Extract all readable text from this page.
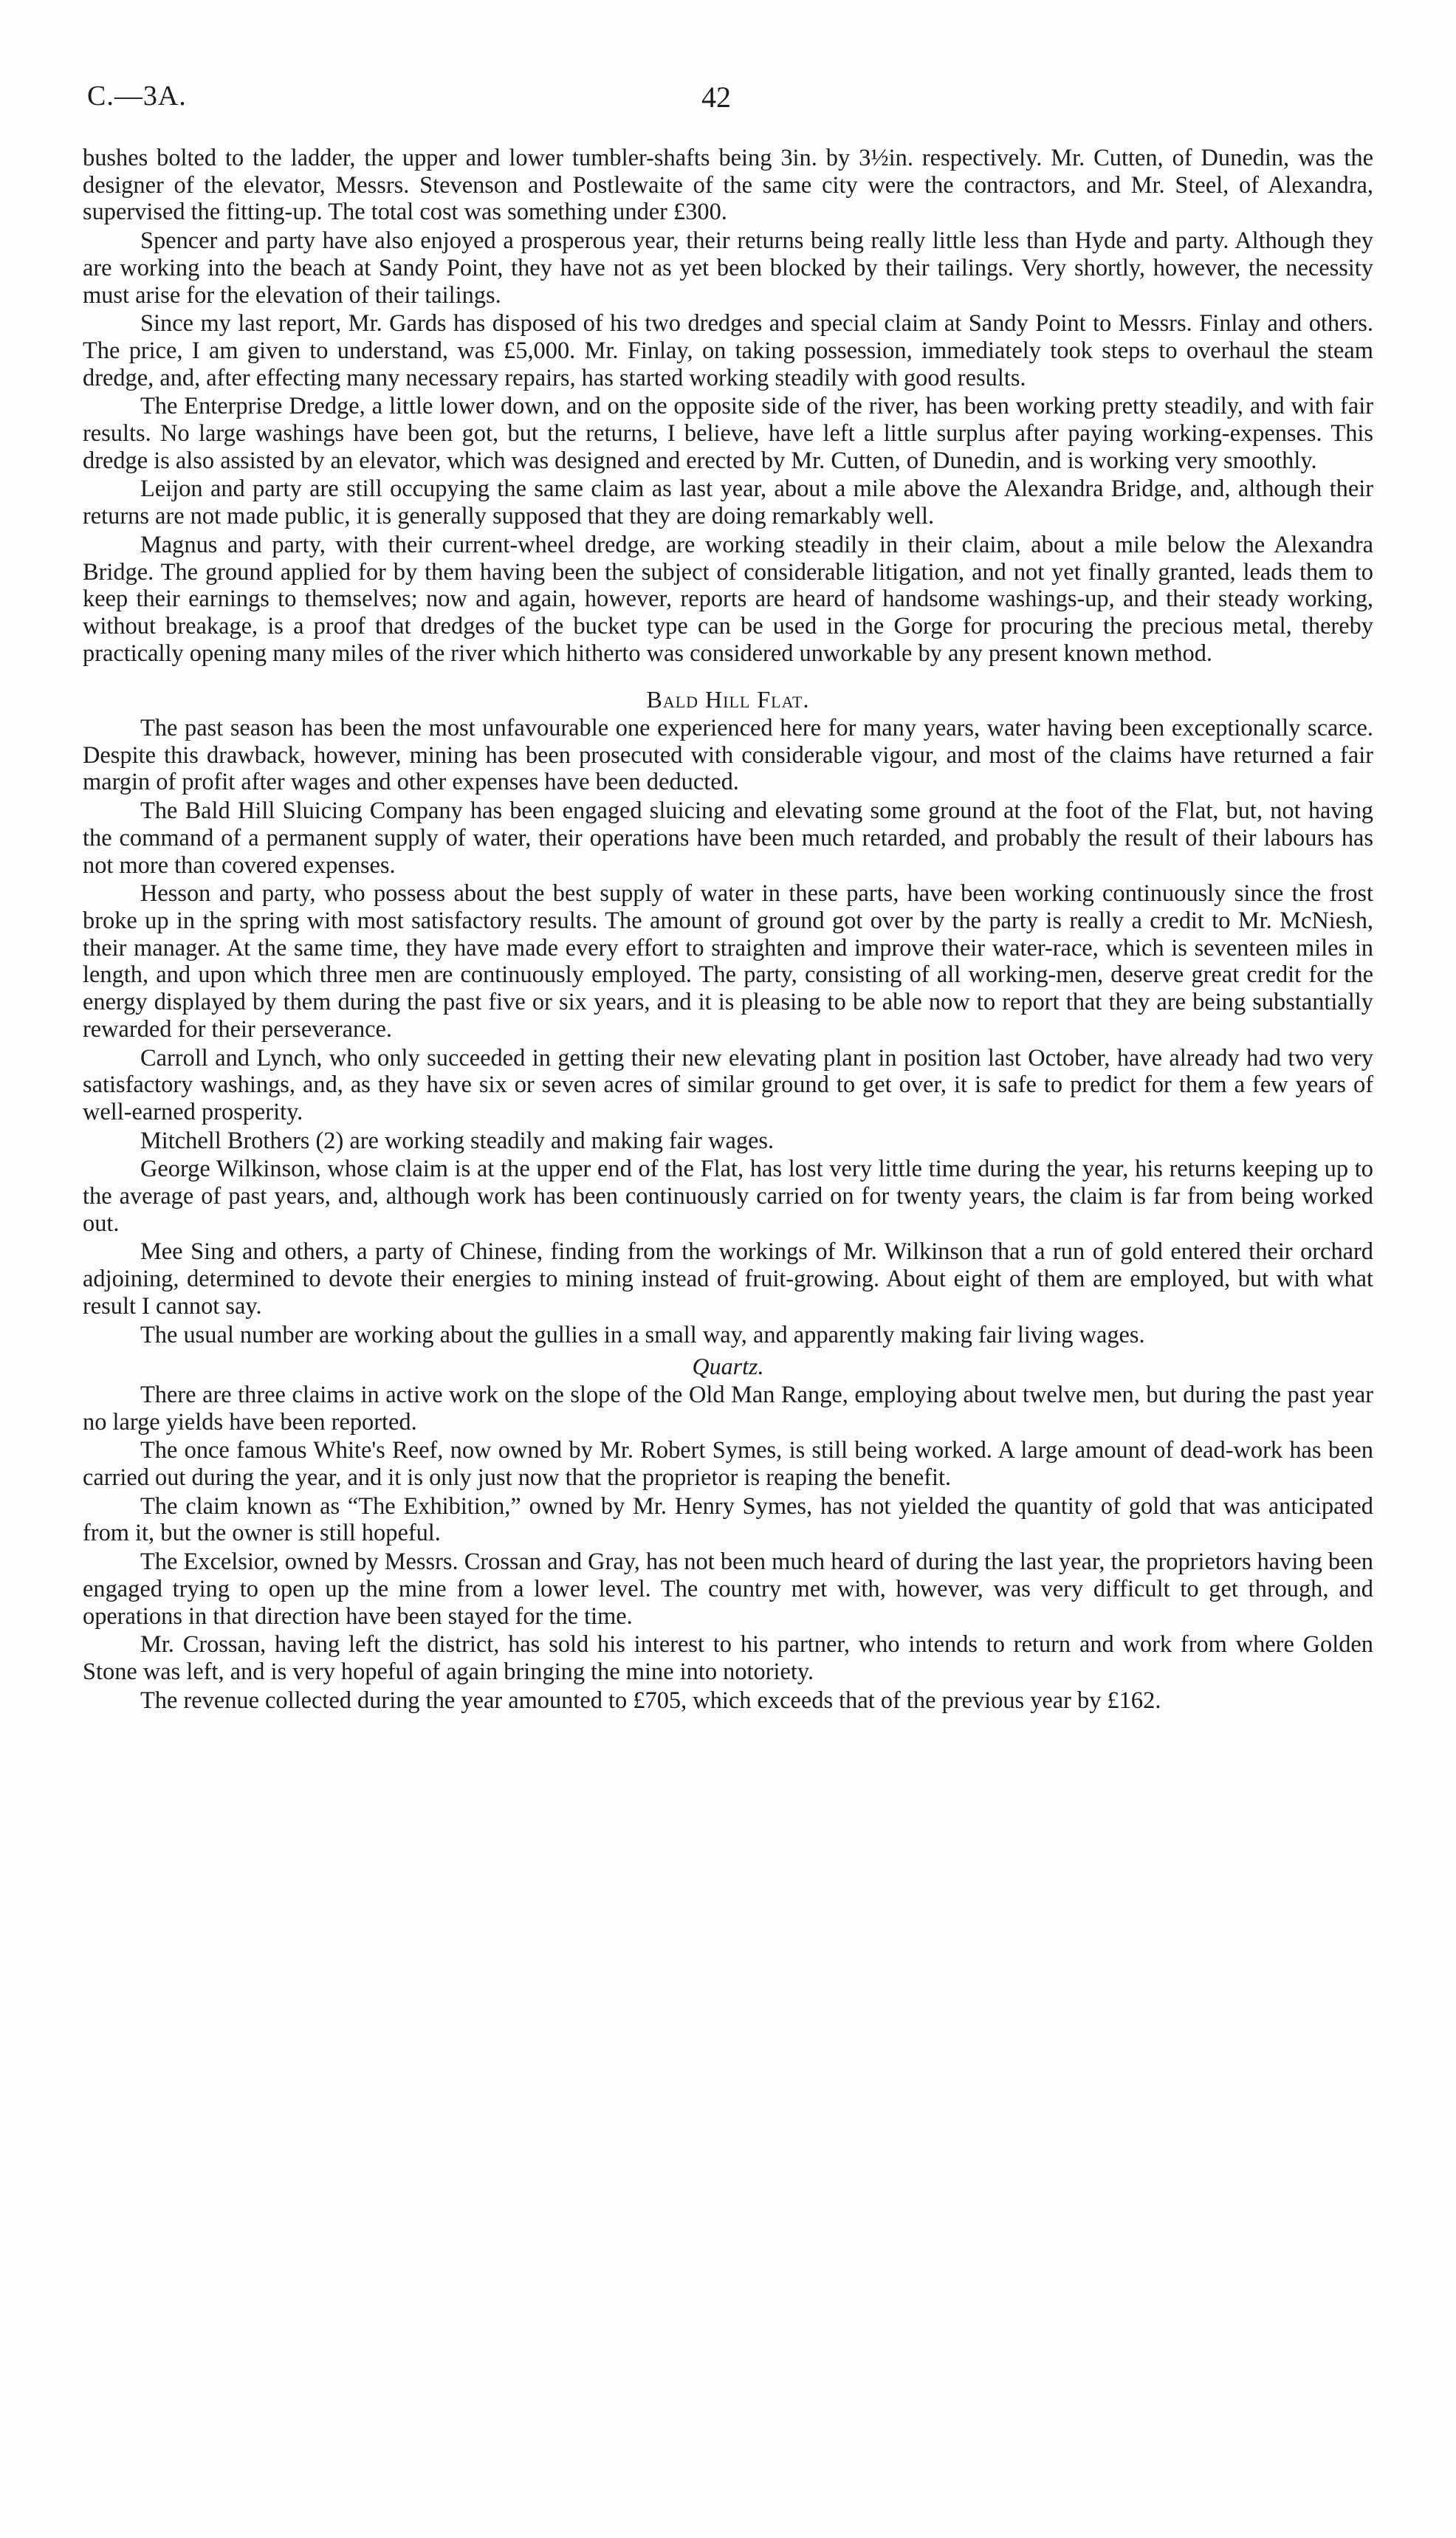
C.—3A.	42

bushes bolted to the ladder, the upper and lower tumbler-shafts being 3in. by 3½in. respectively. Mr. Cutten, of Dunedin, was the designer of the elevator, Messrs. Stevenson and Postlewaite of the same city were the contractors, and Mr. Steel, of Alexandra, supervised the fitting-up. The total cost was something under £300.

Spencer and party have also enjoyed a prosperous year, their returns being really little less than Hyde and party. Although they are working into the beach at Sandy Point, they have not as yet been blocked by their tailings. Very shortly, however, the necessity must arise for the elevation of their tailings.

Since my last report, Mr. Gards has disposed of his two dredges and special claim at Sandy Point to Messrs. Finlay and others. The price, I am given to understand, was £5,000. Mr. Finlay, on taking possession, immediately took steps to overhaul the steam dredge, and, after effecting many necessary repairs, has started working steadily with good results.

The Enterprise Dredge, a little lower down, and on the opposite side of the river, has been working pretty steadily, and with fair results. No large washings have been got, but the returns, I believe, have left a little surplus after paying working-expenses. This dredge is also assisted by an elevator, which was designed and erected by Mr. Cutten, of Dunedin, and is working very smoothly.

Leijon and party are still occupying the same claim as last year, about a mile above the Alexandra Bridge, and, although their returns are not made public, it is generally supposed that they are doing remarkably well.

Magnus and party, with their current-wheel dredge, are working steadily in their claim, about a mile below the Alexandra Bridge. The ground applied for by them having been the subject of considerable litigation, and not yet finally granted, leads them to keep their earnings to themselves; now and again, however, reports are heard of handsome washings-up, and their steady working, without breakage, is a proof that dredges of the bucket type can be used in the Gorge for procuring the precious metal, thereby practically opening many miles of the river which hitherto was considered unworkable by any present known method.

Bald Hill Flat.

The past season has been the most unfavourable one experienced here for many years, water having been exceptionally scarce. Despite this drawback, however, mining has been prosecuted with considerable vigour, and most of the claims have returned a fair margin of profit after wages and other expenses have been deducted.

The Bald Hill Sluicing Company has been engaged sluicing and elevating some ground at the foot of the Flat, but, not having the command of a permanent supply of water, their operations have been much retarded, and probably the result of their labours has not more than covered expenses.

Hesson and party, who possess about the best supply of water in these parts, have been working continuously since the frost broke up in the spring with most satisfactory results. The amount of ground got over by the party is really a credit to Mr. McNiesh, their manager. At the same time, they have made every effort to straighten and improve their water-race, which is seventeen miles in length, and upon which three men are continuously employed. The party, consisting of all working-men, deserve great credit for the energy displayed by them during the past five or six years, and it is pleasing to be able now to report that they are being substantially rewarded for their perseverance.

Carroll and Lynch, who only succeeded in getting their new elevating plant in position last October, have already had two very satisfactory washings, and, as they have six or seven acres of similar ground to get over, it is safe to predict for them a few years of well-earned prosperity.

Mitchell Brothers (2) are working steadily and making fair wages.

George Wilkinson, whose claim is at the upper end of the Flat, has lost very little time during the year, his returns keeping up to the average of past years, and, although work has been continuously carried on for twenty years, the claim is far from being worked out.

Mee Sing and others, a party of Chinese, finding from the workings of Mr. Wilkinson that a run of gold entered their orchard adjoining, determined to devote their energies to mining instead of fruit-growing. About eight of them are employed, but with what result I cannot say.

The usual number are working about the gullies in a small way, and apparently making fair living wages.

Quartz.

There are three claims in active work on the slope of the Old Man Range, employing about twelve men, but during the past year no large yields have been reported.

The once famous White's Reef, now owned by Mr. Robert Symes, is still being worked. A large amount of dead-work has been carried out during the year, and it is only just now that the proprietor is reaping the benefit.

The claim known as “The Exhibition,” owned by Mr. Henry Symes, has not yielded the quantity of gold that was anticipated from it, but the owner is still hopeful.

The Excelsior, owned by Messrs. Crossan and Gray, has not been much heard of during the last year, the proprietors having been engaged trying to open up the mine from a lower level. The country met with, however, was very difficult to get through, and operations in that direction have been stayed for the time.

Mr. Crossan, having left the district, has sold his interest to his partner, who intends to return and work from where Golden Stone was left, and is very hopeful of again bringing the mine into notoriety.

The revenue collected during the year amounted to £705, which exceeds that of the previous year by £162.
